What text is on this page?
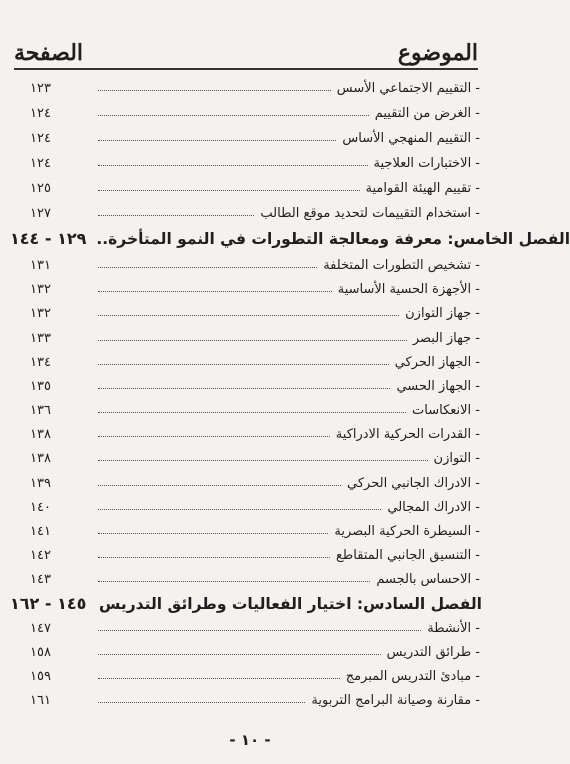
الصفحة	الموضوع
١٢٣	- التقييم الاجتماعي الأسس
١٢٤	- الغرض من التقييم
١٢٤	- التقييم المنهجي الأساس
١٢٤	- الاختبارات العلاجية
١٢٥	- تقييم الهيئة القوامية
١٢٧	- استخدام التقييمات لتحديد موقع الطالب
١٢٩ - ١٤٤ الفصل الخامس: معرفة ومعالجة التطورات في النمو المتأخرة..
١٣١	- تشخيص التطورات المتخلفة
١٣٢	- الأجهزة الحسية الأساسية
١٣٢	- جهاز التوازن
١٣٣	- جهاز البصر
١٣٤	- الجهاز الحركي
١٣٥	- الجهاز الحسي
١٣٦	- الانعكاسات
١٣٨	- القدرات الحركية الادراكية
١٣٨	- التوازن
١٣٩	- الادراك الجانبي الحركي
١٤٠	- الادراك المجالي
١٤١	- السيطرة الحركية البصرية
١٤٢	- التنسيق الجانبي المتقاطع
١٤٣	- الاحساس بالجسم
١٤٥ - ١٦٢ الفصل السادس: اختيار الفعاليات وطرائق التدريس
١٤٧	- الأنشطة
١٥٨	- طرائق التدريس
١٥٩	- مبادئ التدريس المبرمج
١٦١	- مقارنة وصيانة البرامج التربوية
- ١٠ -
